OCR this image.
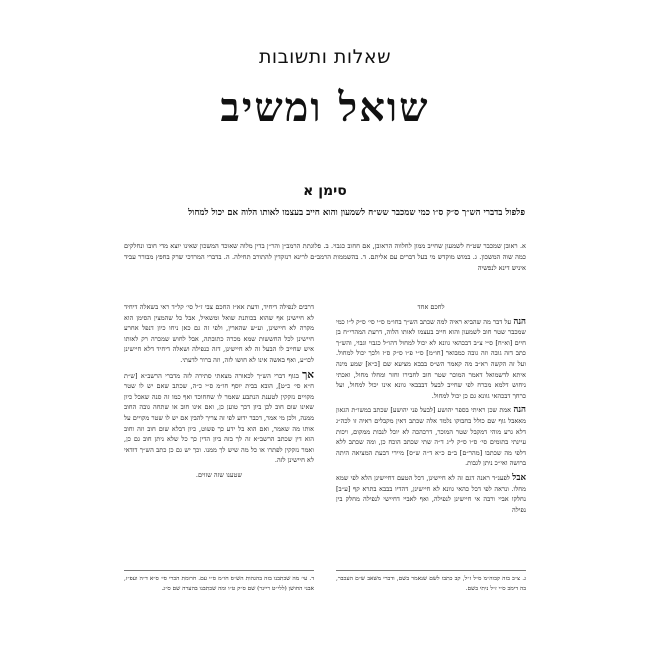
שאלות ותשובות
שואל ומשיב
סימן א
פלפול בדברי הש״ך ס״ק ס״ו כמי שמכבר שש״ח לשמעון והוא חייב בעצמו לאותו הלוה אם יכול למחול

א. ראובן שמכבר שט״ח לשמעון שחייב ממון לחלווה הראובן, אם חחוב כגבוי. ב. פלוגתת הרמב״ן והר״ן בדין מלוה שאוכד המשכון שאינו יוצא מדי חובו ונחלקים כמה שוה המשכון. ג. במוש מוקדש מי בעל דברים עם אליתם. ד. בהשממות הרמב״ם לרינא רנזקדין להתורב תחילה. ה. בדברי המרדכי שרק בחפץ מבורר עביד איניש דינא לנפשיה

לחכם אחד

הנה על דבר מה שהביא ראיה למה שכתב הש״ך בחו״מ ס״י סי׳ ס״ק ל״ו כמי שמכבר שטר חוב לשמעון והוא חייב בעצמו לאותו הלוה, דרעת המהרי״ח בן חיים [וא״ח] ס״י צ״ב דבכהאי גוונא לא יכול למחול דהו״ל כגבוי וגבוי, והש״ך כתב דזה גובה וזה גובה כמבואר [חו״מ] ס״י פ״ו ס״ק ס״ז ולכך יכול למחול. ועל זה הקשה רא״ב מה קאמר הש״ס בבבא מציעא שם [כ״א] שמע מינה איתא לדשמואל דאמר המוכר שטר חוב לחבירו וחזר ומחלו מחול, ואכתי ניחוש דלמא מכרח לפי שחייב לבעל דבבבאי גוונא אינו יכול למחול, ועל כרחך דבכהאי גוונא גם כן יכול למחול.

הנה אמת שכן ראיתי בספר יהושע [לבעל פני יהושע] שכתב במשו״ת הגאון מאאבל גוף שם כולל בחבוקו נלמד אלה שכתב דאין מקבלים ראיה זו לכה״ג דלא גרע מוהי דמקבל שטר המוכר, דרכהכה לא יוכל לנבות ממקום, ויכות עיינתי בתומים סי׳ ס״ו ס״ק ל״ג ד״ה שתי שכתב הוכח כן, ומה שכתב ללא דלפי מה שכתבו [מהר״ם] ב״ם כ״א ד״ה ש״ס] מיירי דבעת המציאה היתה ברושה ואי״כ ניתן לגבות.

אבל לפענ״ד ראנה דגם זה לא חיישינן, דכל הטעם דחיישינן הלא לפי שמא מחלו. ונראה לפי דכל כהאי גוונא לא חיישינן, דהדיו בבבא בתרא קף [ע״ב] נחלקו אביי ורבה אי חיישינן לנפילה, ואף לאביי דחיישי לנפילה מחלק בין נפילה

דרבים לנפילה דיחיד, ודעת אא״ז החכם צבי ז״ל סי׳ קל״ד ראי בשאלה דיחיד לא חיישינן אף שהוא בכותנת שואל ומשאיל, אבל כל שהמצין הסימן הוא מקרה לא חיישינן, וע״ש שהארין, ולפי זה גם כאן ניחו כיון דנפל אחרע חיישינן לכל החששות שמא מכרה כתובתה, אבל לחוש שמכרה רק לאותו איש שחייב לו הבעל זה לא חיישינן, דזה כנפילה ושאלה דיחיד דלא חיישינן לכו״ע, ואף באשה אינו לא חושו לזה, וזה ברור לדעתי.

אך בגוף דברי הש״ך לכאורה מצאתי סתירה לזה מדברי הרשב״א [ש״ת ח״א סי׳ כ״ט], הובא בבית יוסף חו״מ ס״י כ״ה, שכתב שאם יש לו שטר מקויים נזקקין לטענת הנתבע שאמר לו שחחוכד ואף כמו זה סנה שאכל כיון שאינו שום חוב לכן ביון דכך טוען כן, ואם אינו חוב או שתחה גובה החוב ממנה, ולכן מי אמר, דכבר ידוע לפי זה צריך להבין אם יש לו שטר מקויים על אותו מה שאמר, ואם הוא בל ידע כך פשוט, כיון דבלא שום חוב וזה וחוב הוא דין שכתב הרשב״א זה לך בזה ביון הדין כך כל שלא ניתן חוב גם כן, ואמר נזקקין לפתרו או כל מה שיש לך ממנו. וכך יש גם כן כתב הש״ך דודאי לא חיישינן לזה.

שטענו שזה שזוים.

ג. צ״ב בזה קבוה״מ ס״ל ז״ל, קב כתבו לשם שנאמר בשם, ודברי משאב ש״ם העכבר, בה דימכ ס״י ז״ל ניתי בשם.
ד. עי׳ מה שכתבנו בזה בהגהות הש״ס חו״מ ס״י עם. חרומת הכרי סי׳ ס״א ד״ה ועפ״ז, אבני החושן (ללי״ט ריינר) שם ס״ק ט״ו ומה שכתבנו בהערה שם ס״ג.
